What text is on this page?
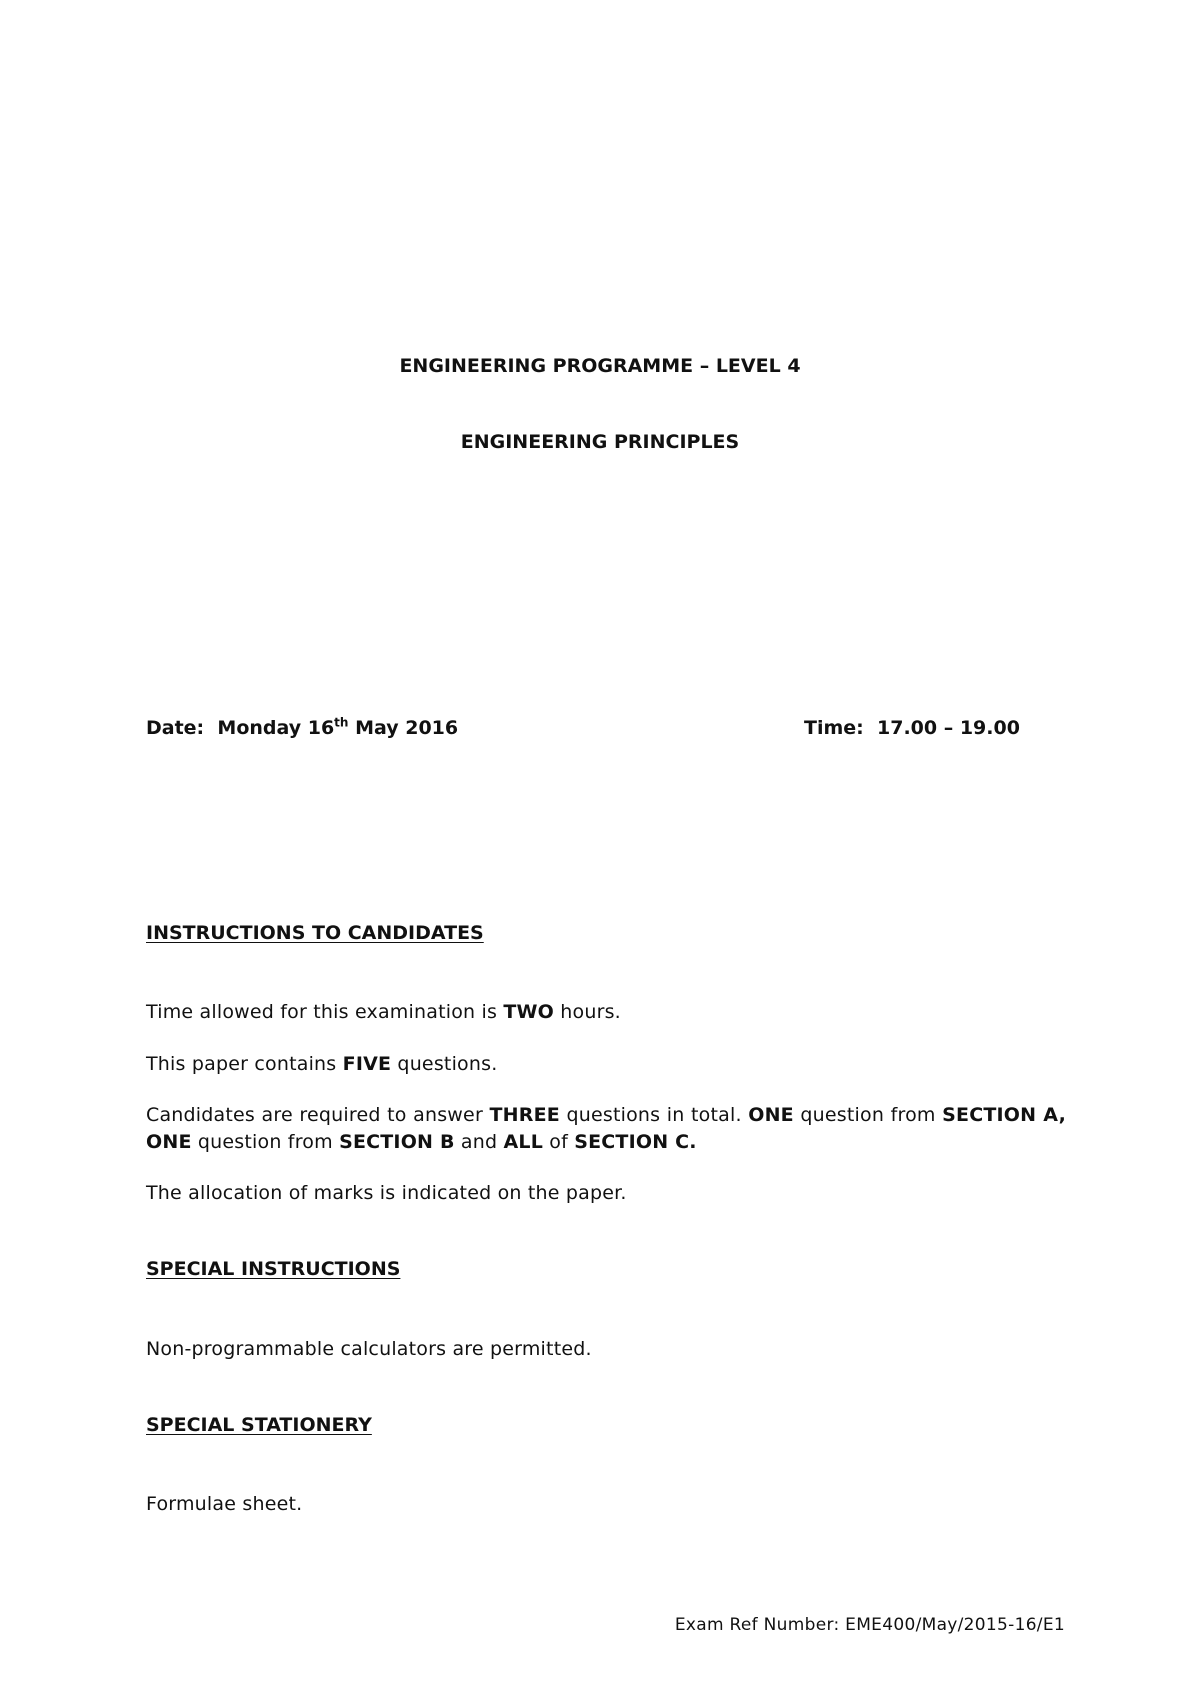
ENGINEERING PROGRAMME – LEVEL 4
ENGINEERING PRINCIPLES
Date: Monday 16th May 2016	Time: 17.00 – 19.00
INSTRUCTIONS TO CANDIDATES
Time allowed for this examination is TWO hours.
This paper contains FIVE questions.
Candidates are required to answer THREE questions in total. ONE question from SECTION A, ONE question from SECTION B and ALL of SECTION C.
The allocation of marks is indicated on the paper.
SPECIAL INSTRUCTIONS
Non-programmable calculators are permitted.
SPECIAL STATIONERY
Formulae sheet.
Exam Ref Number: EME400/May/2015-16/E1
